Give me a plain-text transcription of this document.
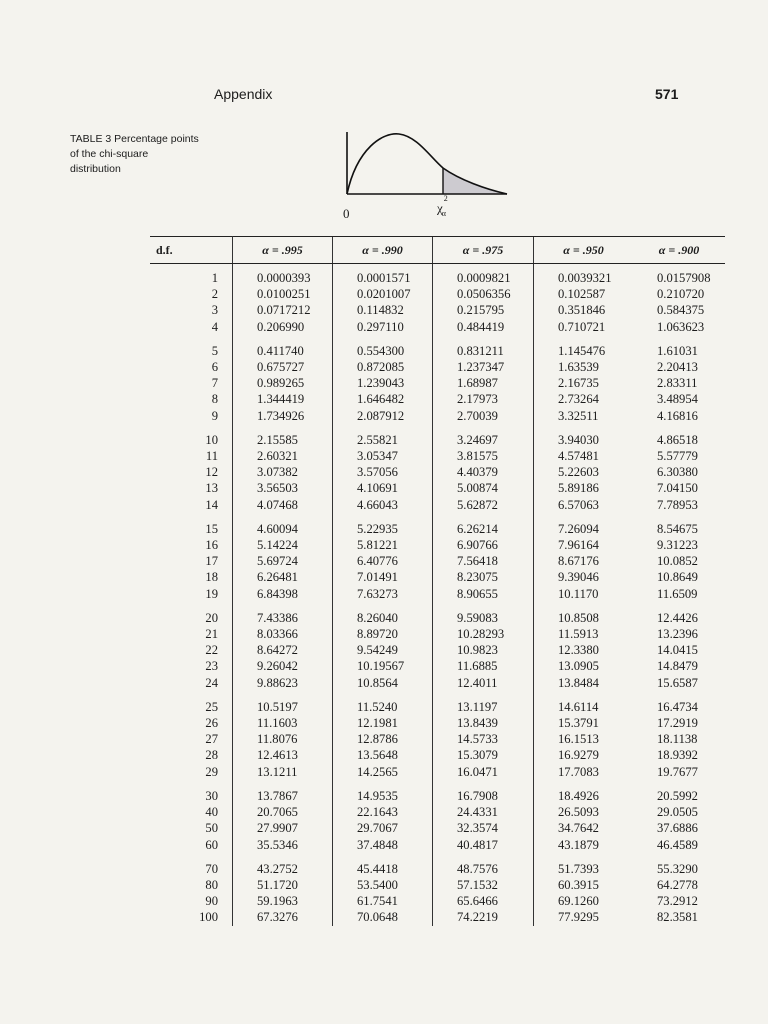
Appendix	571
TABLE 3 Percentage points of the chi-square distribution
0	$\chi^2_\alpha$
d.f.	α = .995	α = .990	α = .975	α = .950	α = .900
1	0.0000393	0.0001571	0.0009821	0.0039321	0.0157908
2	0.0100251	0.0201007	0.0506356	0.102587	0.210720
3	0.0717212	0.114832	0.215795	0.351846	0.584375
4	0.206990	0.297110	0.484419	0.710721	1.063623
5	0.411740	0.554300	0.831211	1.145476	1.61031
6	0.675727	0.872085	1.237347	1.63539	2.20413
7	0.989265	1.239043	1.68987	2.16735	2.83311
8	1.344419	1.646482	2.17973	2.73264	3.48954
9	1.734926	2.087912	2.70039	3.32511	4.16816
10	2.15585	2.55821	3.24697	3.94030	4.86518
11	2.60321	3.05347	3.81575	4.57481	5.57779
12	3.07382	3.57056	4.40379	5.22603	6.30380
13	3.56503	4.10691	5.00874	5.89186	7.04150
14	4.07468	4.66043	5.62872	6.57063	7.78953
15	4.60094	5.22935	6.26214	7.26094	8.54675
16	5.14224	5.81221	6.90766	7.96164	9.31223
17	5.69724	6.40776	7.56418	8.67176	10.0852
18	6.26481	7.01491	8.23075	9.39046	10.8649
19	6.84398	7.63273	8.90655	10.1170	11.6509
20	7.43386	8.26040	9.59083	10.8508	12.4426
21	8.03366	8.89720	10.28293	11.5913	13.2396
22	8.64272	9.54249	10.9823	12.3380	14.0415
23	9.26042	10.19567	11.6885	13.0905	14.8479
24	9.88623	10.8564	12.4011	13.8484	15.6587
25	10.5197	11.5240	13.1197	14.6114	16.4734
26	11.1603	12.1981	13.8439	15.3791	17.2919
27	11.8076	12.8786	14.5733	16.1513	18.1138
28	12.4613	13.5648	15.3079	16.9279	18.9392
29	13.1211	14.2565	16.0471	17.7083	19.7677
30	13.7867	14.9535	16.7908	18.4926	20.5992
40	20.7065	22.1643	24.4331	26.5093	29.0505
50	27.9907	29.7067	32.3574	34.7642	37.6886
60	35.5346	37.4848	40.4817	43.1879	46.4589
70	43.2752	45.4418	48.7576	51.7393	55.3290
80	51.1720	53.5400	57.1532	60.3915	64.2778
90	59.1963	61.7541	65.6466	69.1260	73.2912
100	67.3276	70.0648	74.2219	77.9295	82.3581
